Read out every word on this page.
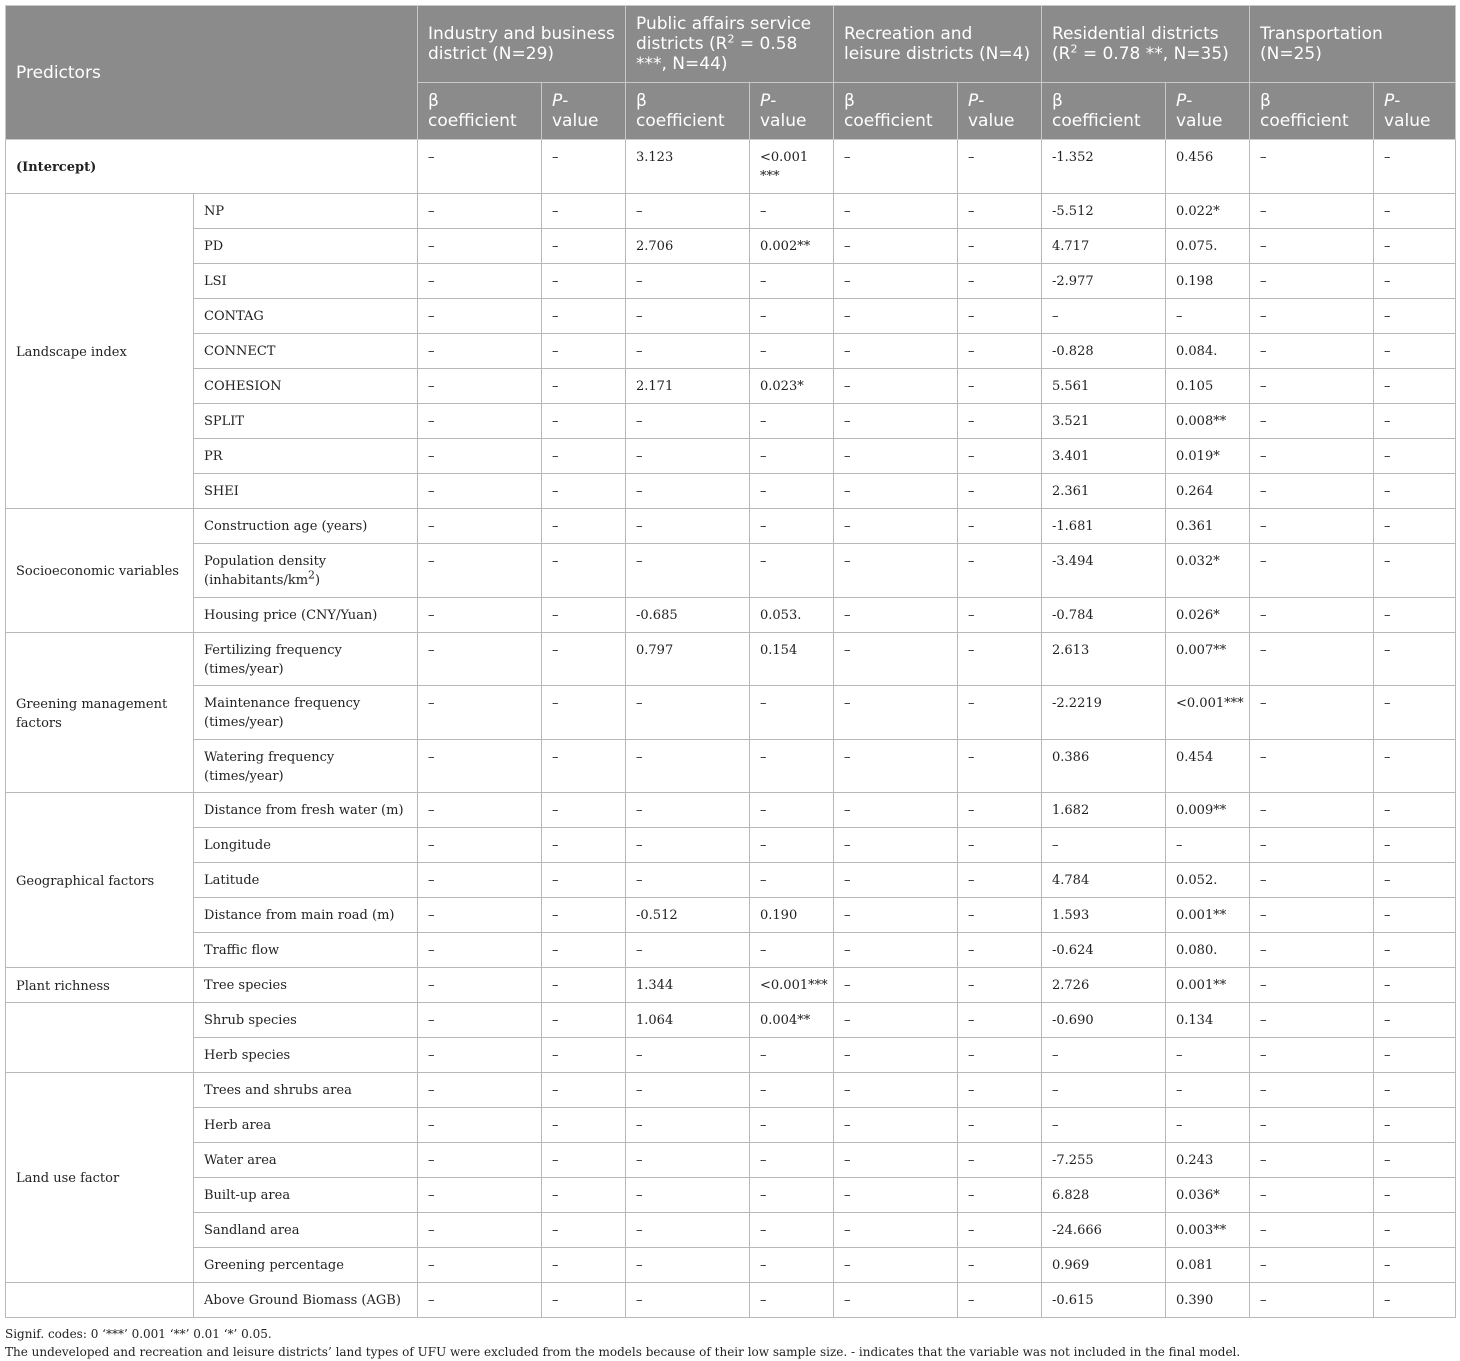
Predictors		Industry and business district (N=29)		Public affairs service districts ($R^2 = 0.58$ ***, N=44)		Recreation and leisure districts (N=4)		Residential districts ($R^2 = 0.78$ **, N=35)		Transportation (N=25)	
		β coefficient	P- value	β coefficient	P- value	β coefficient	P- value	β coefficient	P- value	β coefficient	P- value
(Intercept)		–	–	3.123	<0.001 ***	–	–	-1.352	0.456	–	–
Landscape index	NP	–	–	–	–	–	–	-5.512	0.022*	–	–
	PD	–	–	2.706	0.002**	–	–	4.717	0.075.	–	–
	LSI	–	–	–	–	–	–	-2.977	0.198	–	–
	CONTAG	–	–	–	–	–	–	–	–	–	–
	CONNECT	–	–	–	–	–	–	-0.828	0.084.	–	–
	COHESION	–	–	2.171	0.023*	–	–	5.561	0.105	–	–
	SPLIT	–	–	–	–	–	–	3.521	0.008**	–	–
	PR	–	–	–	–	–	–	3.401	0.019*	–	–
	SHEI	–	–	–	–	–	–	2.361	0.264	–	–
Socioeconomic variables	Construction age (years)	–	–	–	–	–	–	-1.681	0.361	–	–
	Population density $(inhabitants/km^2)$	–	–	–	–	–	–	-3.494	0.032*	–	–
	Housing price (CNY/Yuan)	–	–	-0.685	0.053.	–	–	-0.784	0.026*	–	–
Greening management factors	Fertilizing frequency (times/year)	–	–	0.797	0.154	–	–	2.613	0.007**	–	–
	Maintenance frequency (times/year)	–	–	–	–	–	–	-2.2219	<0.001***	–	–
	Watering frequency (times/year)	–	–	–	–	–	–	0.386	0.454	–	–
Geographical factors	Distance from fresh water (m)	–	–	–	–	–	–	1.682	0.009**	–	–
	Longitude	–	–	–	–	–	–	–	–	–	–
	Latitude	–	–	–	–	–	–	4.784	0.052.	–	–
	Distance from main road (m)	–	–	-0.512	0.190	–	–	1.593	0.001**	–	–
	Traffic flow	–	–	–	–	–	–	-0.624	0.080.	–	–
Plant richness	Tree species	–	–	1.344	<0.001***	–	–	2.726	0.001**	–	–
	Shrub species	–	–	1.064	0.004**	–	–	-0.690	0.134	–	–
	Herb species	–	–	–	–	–	–	–	–	–	–
Land use factor	Trees and shrubs area	–	–	–	–	–	–	–	–	–	–
	Herb area	–	–	–	–	–	–	–	–	–	–
	Water area	–	–	–	–	–	–	-7.255	0.243	–	–
	Built-up area	–	–	–	–	–	–	6.828	0.036*	–	–
	Sandland area	–	–	–	–	–	–	-24.666	0.003**	–	–
	Greening percentage	–	–	–	–	–	–	0.969	0.081	–	–
	Above Ground Biomass (AGB)	–	–	–	–	–	–	-0.615	0.390	–	–
Signif. codes: 0 ‘***’ 0.001 ‘**’ 0.01 ‘*’ 0.05.
The undeveloped and recreation and leisure districts’ land types of UFU were excluded from the models because of their low sample size. - indicates that the variable was not included in the final model.
